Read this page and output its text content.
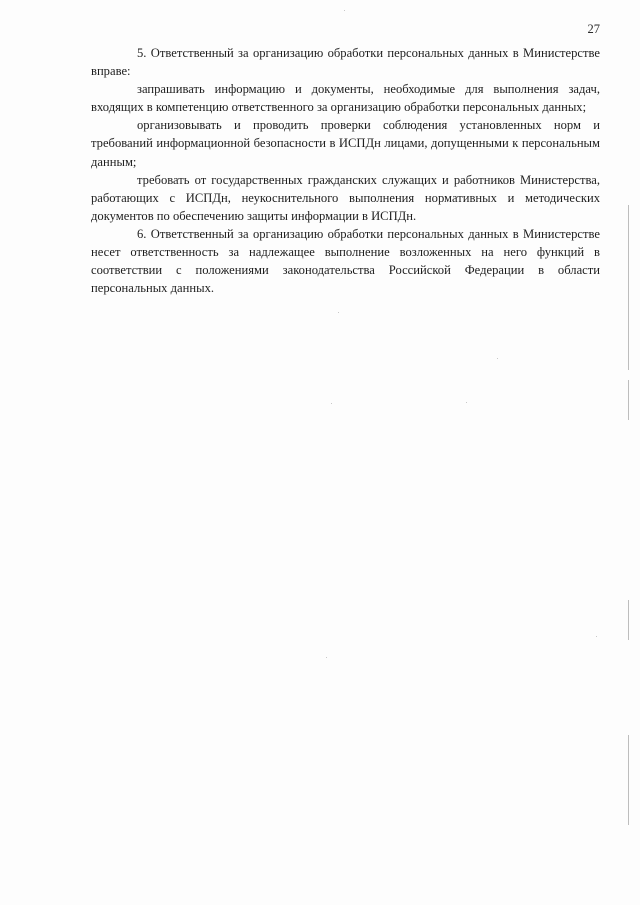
27

5. Ответственный за организацию обработки персональных данных в Министерстве вправе:

запрашивать информацию и документы, необходимые для выполнения задач, входящих в компетенцию ответственного за организацию обработки персональных данных;

организовывать и проводить проверки соблюдения установленных норм и требований информационной безопасности в ИСПДн лицами, допущенными к персональным данным;

требовать от государственных гражданских служащих и работников Министерства, работающих с ИСПДн, неукоснительного выполнения нормативных и методических документов по обеспечению защиты информации в ИСПДн.

6. Ответственный за организацию обработки персональных данных в Министерстве несет ответственность за надлежащее выполнение возложенных на него функций в соответствии с положениями законодательства Российской Федерации в области персональных данных.
